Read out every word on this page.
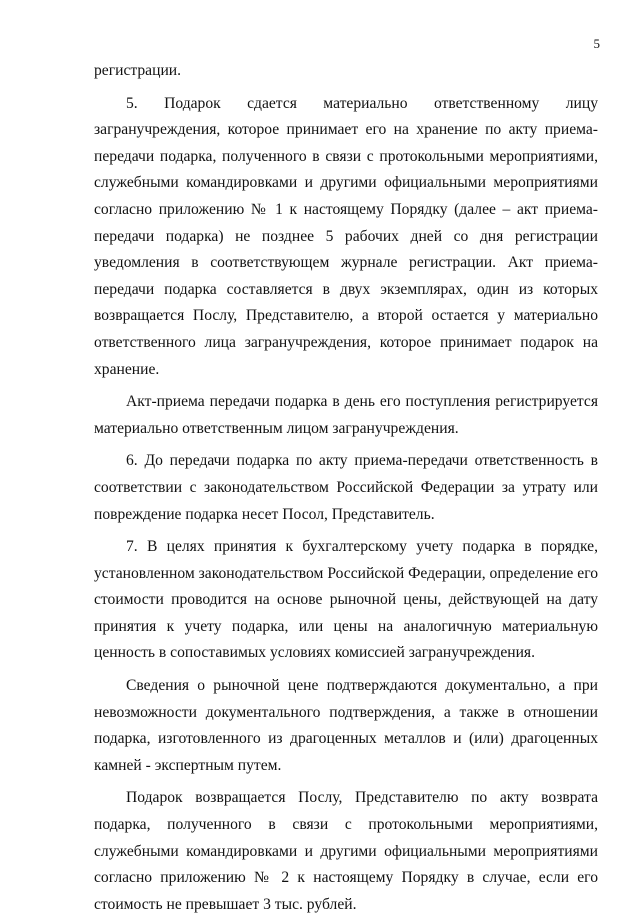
5

регистрации.

5. Подарок сдается материально ответственному лицу загранучреждения, которое принимает его на хранение по акту приема-передачи подарка, полученного в связи с протокольными мероприятиями, служебными командировками и другими официальными мероприятиями согласно приложению № 1 к настоящему Порядку (далее – акт приема-передачи подарка) не позднее 5 рабочих дней со дня регистрации уведомления в соответствующем журнале регистрации. Акт приема-передачи подарка составляется в двух экземплярах, один из которых возвращается Послу, Представителю, а второй остается у материально ответственного лица загранучреждения, которое принимает подарок на хранение.

Акт-приема передачи подарка в день его поступления регистрируется материально ответственным лицом загранучреждения.

6. До передачи подарка по акту приема-передачи ответственность в соответствии с законодательством Российской Федерации за утрату или повреждение подарка несет Посол, Представитель.

7. В целях принятия к бухгалтерскому учету подарка в порядке, установленном законодательством Российской Федерации, определение его стоимости проводится на основе рыночной цены, действующей на дату принятия к учету подарка, или цены на аналогичную материальную ценность в сопоставимых условиях комиссией загранучреждения.

Сведения о рыночной цене подтверждаются документально, а при невозможности документального подтверждения, а также в отношении подарка, изготовленного из драгоценных металлов и (или) драгоценных камней - экспертным путем.

Подарок возвращается Послу, Представителю по акту возврата подарка, полученного в связи с протокольными мероприятиями, служебными командировками и другими официальными мероприятиями согласно приложению № 2 к настоящему Порядку в случае, если его стоимость не превышает 3 тыс. рублей.
